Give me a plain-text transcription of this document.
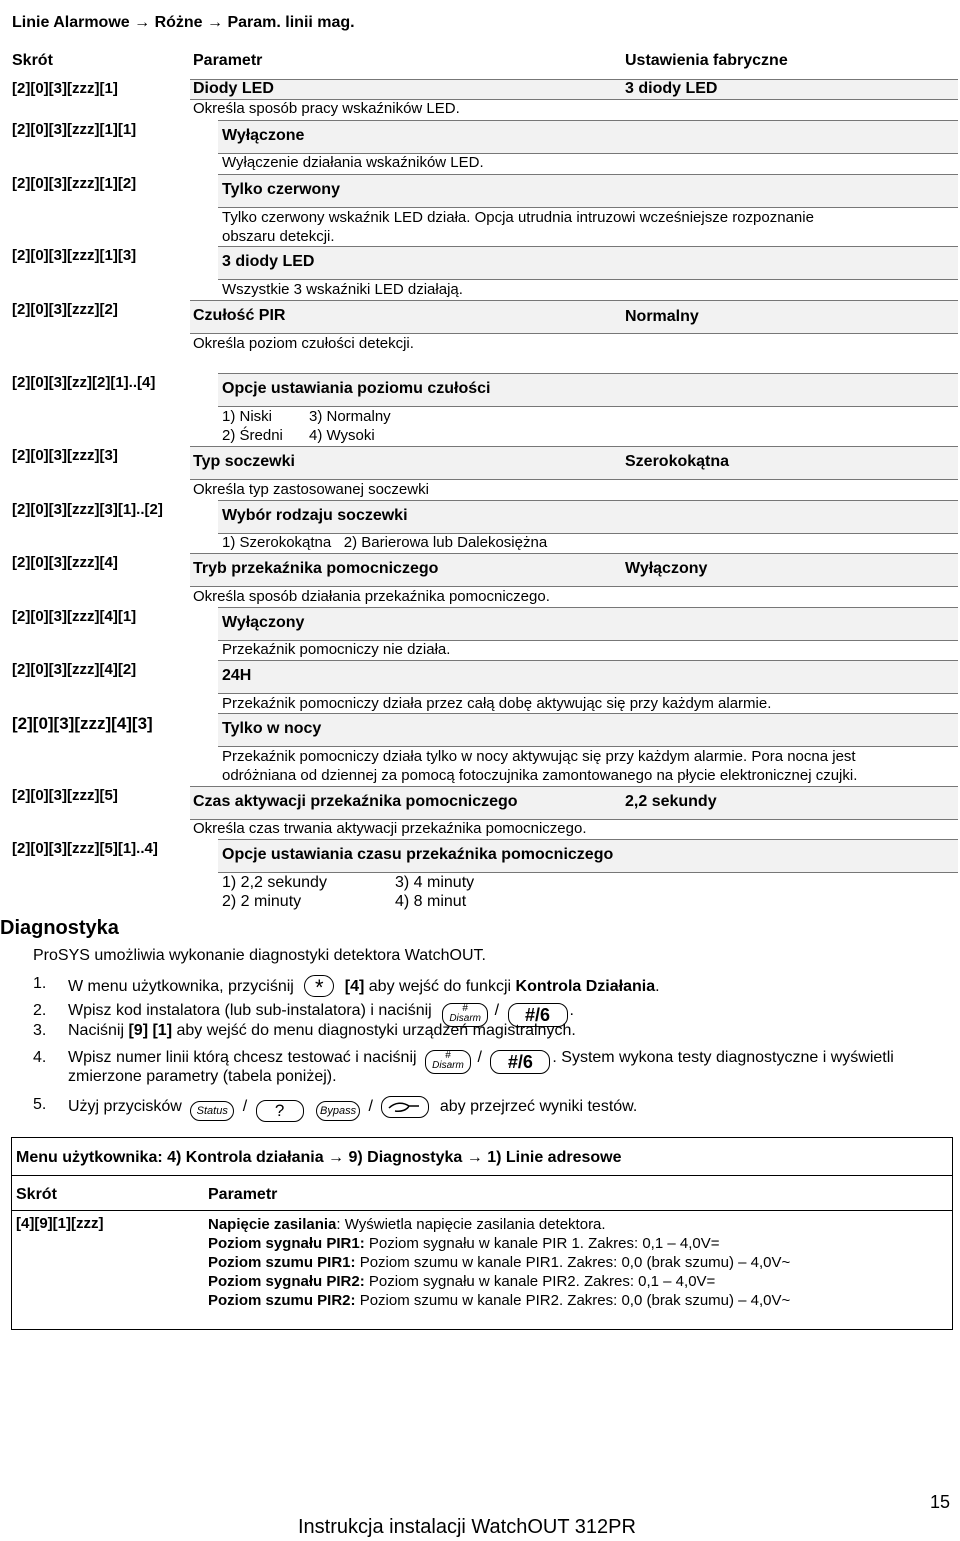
Linie Alarmowe → Różne → Param. linii mag.
Skrót	Parametr	Ustawienia fabryczne
[2][0][3][zzz][1]	Diody LED	3 diody LED
Określa sposób pracy wskaźników LED.
[2][0][3][zzz][1][1]	Wyłączone
Wyłączenie działania wskaźników LED.
[2][0][3][zzz][1][2]	Tylko czerwony
Tylko czerwony wskaźnik LED działa. Opcja utrudnia intruzowi wcześniejsze rozpoznanie
obszaru detekcji.
[2][0][3][zzz][1][3]	3 diody LED
Wszystkie 3 wskaźniki LED działają.
[2][0][3][zzz][2]	Czułość PIR	Normalny
Określa poziom czułości detekcji.
[2][0][3][zz][2][1]..[4]	Opcje ustawiania poziomu czułości
1) Niski 3) Normalny
2) Średni 4) Wysoki
[2][0][3][zzz][3]	Typ soczewki	Szerokokątna
Określa typ zastosowanej soczewki
[2][0][3][zzz][3][1]..[2]	Wybór rodzaju soczewki
1) Szerokokątna   2) Barierowa lub Dalekosiężna
[2][0][3][zzz][4]	Tryb przekaźnika pomocniczego	Wyłączony
Określa sposób działania przekaźnika pomocniczego.
[2][0][3][zzz][4][1]	Wyłączony
Przekaźnik pomocniczy nie działa.
[2][0][3][zzz][4][2]	24H
Przekaźnik pomocniczy działa przez całą dobę aktywując się przy każdym alarmie.
[2][0][3][zzz][4][3]	Tylko w nocy
Przekaźnik pomocniczy działa tylko w nocy aktywując się przy każdym alarmie. Pora nocna jest
odróżniana od dziennej za pomocą fotoczujnika zamontowanego na płycie elektronicznej czujki.
[2][0][3][zzz][5]	Czas aktywacji przekaźnika pomocniczego	2,2 sekundy
Określa czas trwania aktywacji przekaźnika pomocniczego.
[2][0][3][zzz][5][1]..4]	Opcje ustawiania czasu przekaźnika pomocniczego
1) 2,2 sekundy	3) 4 minuty
2) 2 minuty	4) 8 minut
Diagnostyka
ProSYS umożliwia wykonanie diagnostyki detektora WatchOUT.
1. W menu użytkownika, przyciśnij * [4] aby wejść do funkcji Kontrola Działania.
2. Wpisz kod instalatora (lub sub-instalatora) i naciśnij	#
Disarm / #/6 .
3. Naciśnij [9] [1] aby wejść do menu diagnostyki urządzeń magistralnych.
4. Wpisz numer linii którą chcesz testować i naciśnij	#
Disarm / #/6 . System wykona testy diagnostyczne i wyświetli
zmierzone parametry (tabela poniżej).
5. Użyj przycisków Status / ?	Bypass /	aby przejrzeć wyniki testów.
Menu użytkownika: 4) Kontrola działania → 9) Diagnostyka → 1) Linie adresowe
Skrót	Parametr
[4][9][1][zzz]	Napięcie zasilania: Wyświetla napięcie zasilania detektora.
Poziom sygnału PIR1: Poziom sygnału w kanale PIR 1. Zakres: 0,1 – 4,0V=
Poziom szumu PIR1: Poziom szumu w kanale PIR1. Zakres: 0,0 (brak szumu) – 4,0V~
Poziom sygnału PIR2: Poziom sygnału w kanale PIR2. Zakres: 0,1 – 4,0V=
Poziom szumu PIR2: Poziom szumu w kanale PIR2. Zakres: 0,0 (brak szumu) – 4,0V~
15
Instrukcja instalacji WatchOUT 312PR
